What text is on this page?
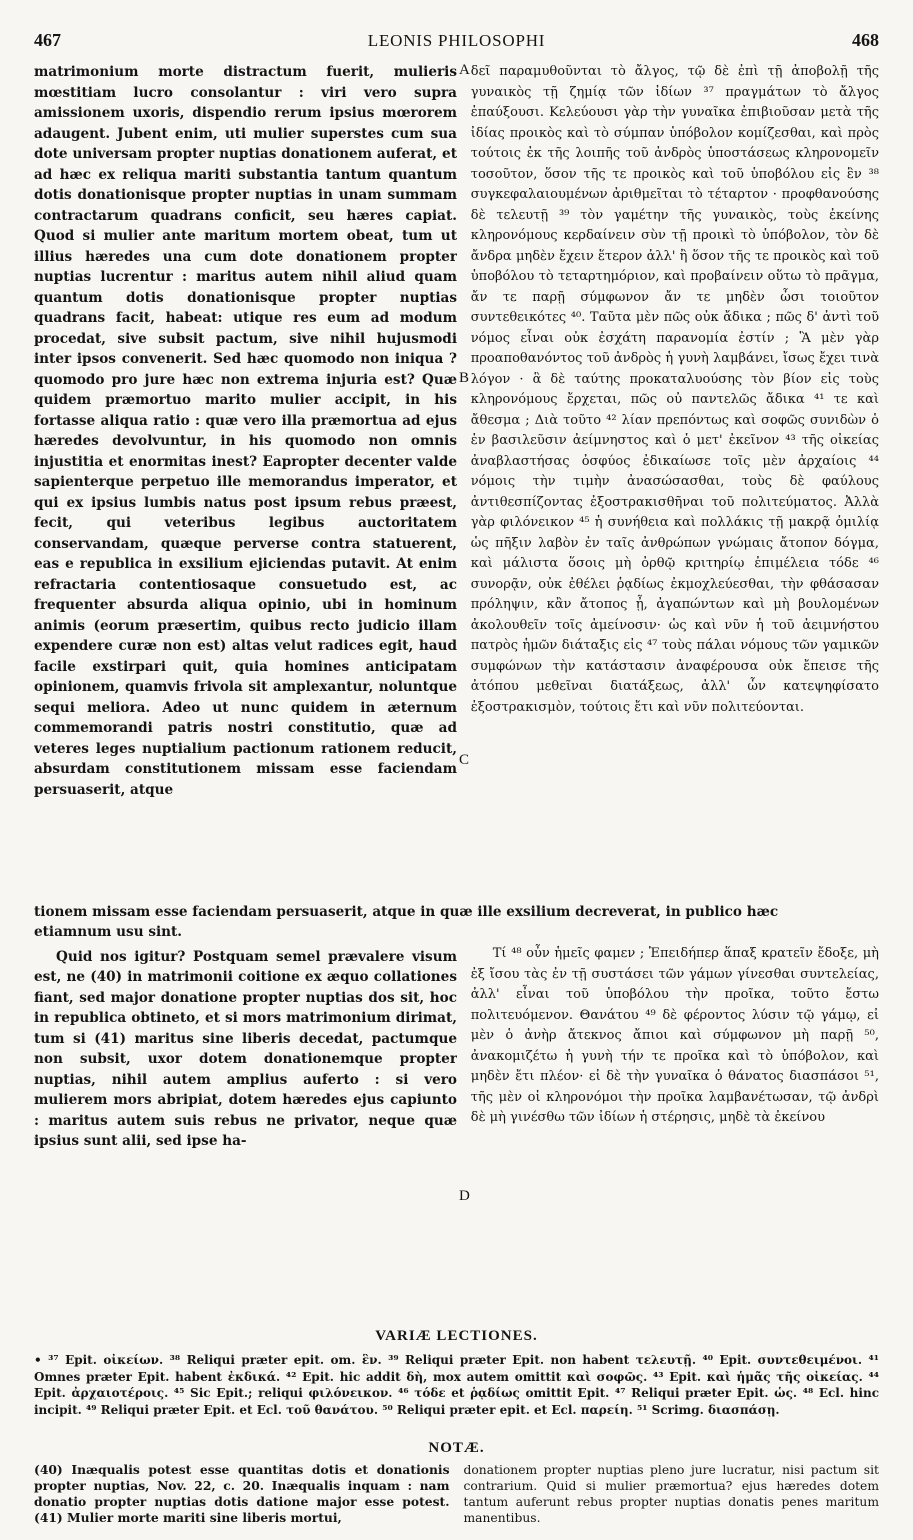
467	LEONIS PHILOSOPHI	468

matrimonium morte distractum fuerit, mulieris mœstitiam lucro consolantur : viri vero supra amissionem uxoris, dispendio rerum ipsius mœrorem adaugent. Jubent enim, uti mulier superstes cum sua dote universam propter nuptias donationem auferat, et ad hæc ex reliqua mariti substantia tantum quantum dotis donationisque propter nuptias in unam summam contractarum quadrans conficit, seu hæres capiat. Quod si mulier ante maritum mortem obeat, tum ut illius hæredes una cum dote donationem propter nuptias lucrentur : maritus autem nihil aliud quam quantum dotis donationisque propter nuptias quadrans facit, habeat: utique res eum ad modum procedat, sive subsit pactum, sive nihil hujusmodi inter ipsos convenerit. Sed hæc quomodo non iniqua ? quomodo pro jure hæc non extrema injuria est? Quæ quidem præmortuo marito mulier accipit, in his fortasse aliqua ratio : quæ vero illa præmortua ad ejus hæredes devolvuntur, in his quomodo non omnis injustitia et enormitas inest? Eapropter decenter valde sapienterque perpetuo ille memorandus imperator, et qui ex ipsius lumbis natus post ipsum rebus præest, fecit, qui veteribus legibus auctoritatem conservandam, quæque perverse contra statuerent, eas e republica in exsilium ejiciendas putavit. At enim refractaria contentiosaque consuetudo est, ac frequenter absurda aliqua opinio, ubi in hominum animis (eorum præsertim, quibus recto judicio illam expendere curæ non est) altas velut radices egit, haud facile exstirpari quit, quia homines anticipatam opinionem, quamvis frivola sit amplexantur, noluntque sequi meliora. Adeo ut nunc quidem in æternum commemorandi patris nostri constitutio, quæ ad veteres leges nuptialium pactionum rationem reducit, absurdam constitutionem missam esse faciendam persuaserit, atque

A
B
C

δεῖ παραμυθοῦνται τὸ ἄλγος, τῷ δὲ ἐπὶ τῇ ἀποβολῇ τῆς γυναικὸς τῇ ζημίᾳ τῶν ἰδίων ³⁷ πραγμάτων τὸ ἄλγος ἐπαύξουσι. Κελεύουσι γὰρ τὴν γυναῖκα ἐπιβιοῦσαν μετὰ τῆς ἰδίας προικὸς καὶ τὸ σύμπαν ὑπόβολον κομίζεσθαι, καὶ πρὸς τούτοις ἐκ τῆς λοιπῆς τοῦ ἀνδρὸς ὑποστάσεως κληρονομεῖν τοσοῦτον, ὅσον τῆς τε προικὸς καὶ τοῦ ὑποβόλου εἰς ἓν ³⁸ συγκεφαλαιουμένων ἀριθμεῖται τὸ τέταρτον · προφθανούσης δὲ τελευτῇ ³⁹ τὸν γαμέτην τῆς γυναικὸς, τοὺς ἐκείνης κληρονόμους κερδαίνειν σὺν τῇ προικὶ τὸ ὑπόβολον, τὸν δὲ ἄνδρα μηδὲν ἔχειν ἕτερον ἀλλ' ἢ ὅσον τῆς τε προικὸς καὶ τοῦ ὑποβόλου τὸ τεταρτημόριον, καὶ προβαίνειν οὕτω τὸ πρᾶγμα, ἄν τε παρῇ σύμφωνον ἄν τε μηδὲν ὦσι τοιοῦτον συντεθεικότες ⁴⁰. Ταῦτα μὲν πῶς οὐκ ἄδικα ; πῶς δ' ἀντὶ τοῦ νόμος εἶναι οὐκ ἐσχάτη παρανομία ἐστίν ; Ἃ μὲν γὰρ προαποθανόντος τοῦ ἀνδρὸς ἡ γυνὴ λαμβάνει, ἴσως ἔχει τινὰ λόγον · ἃ δὲ ταύτης προκαταλυούσης τὸν βίον εἰς τοὺς κληρονόμους ἔρχεται, πῶς οὐ παντελῶς ἄδικα ⁴¹ τε καὶ ἄθεσμα ; Διὰ τοῦτο ⁴² λίαν πρεπόντως καὶ σοφῶς συνιδὼν ὁ ἐν βασιλεῦσιν ἀείμνηστος καὶ ὁ μετ' ἐκεῖνον ⁴³ τῆς οἰκείας ἀναβλαστήσας ὀσφύος ἐδικαίωσε τοῖς μὲν ἀρχαίοις ⁴⁴ νόμοις τὴν τιμὴν ἀνασώσασθαι, τοὺς δὲ φαύλους ἀντιθεσπίζοντας ἐξοστρακισθῆναι τοῦ πολιτεύματος. Ἀλλὰ γὰρ φιλόνεικον ⁴⁵ ἡ συνήθεια καὶ πολλάκις τῇ μακρᾷ ὁμιλίᾳ ὡς πῆξιν λαβὸν ἐν ταῖς ἀνθρώπων γνώμαις ἄτοπον δόγμα, καὶ μάλιστα ὅσοις μὴ ὀρθῷ κριτηρίῳ ἐπιμέλεια τόδε ⁴⁶ συνορᾷν, οὐκ ἐθέλει ῥᾳδίως ἐκμοχλεύεσθαι, τὴν φθάσασαν πρόληψιν, κἂν ἄτοπος ᾖ, ἀγαπώντων καὶ μὴ βουλομένων ἀκολουθεῖν τοῖς ἀμείνοσιν· ὡς καὶ νῦν ἡ τοῦ ἀειμνήστου πατρὸς ἡμῶν διάταξις εἰς ⁴⁷ τοὺς πάλαι νόμους τῶν γαμικῶν συμφώνων τὴν κατάστασιν ἀναφέρουσα οὐκ ἔπεισε τῆς ἀτόπου μεθεῖναι διατάξεως, ἀλλ' ὧν κατεψηφίσατο ἐξοστρακισμὸν, τούτοις ἔτι καὶ νῦν πολιτεύονται.

tionem missam esse faciendam persuaserit, atque in quæ ille exsilium decreverat, in publico hæc

etiamnum usu sint.

Quid nos igitur? Postquam semel prævalere visum est, ne (40) in matrimonii coitione ex æquo collationes fiant, sed major donatione propter nuptias dos sit, hoc in republica obtineto, et si mors matrimonium dirimat, tum si (41) maritus sine liberis decedat, pactumque non subsit, uxor dotem donationemque propter nuptias, nihil autem amplius auferto : si vero mulierem mors abripiat, dotem hæredes ejus capiunto : maritus autem suis rebus ne privator, neque quæ ipsius sunt alii, sed ipse ha-

D

Τί ⁴⁸ οὖν ἡμεῖς φαμεν ; Ἐπειδήπερ ἅπαξ κρατεῖν ἔδοξε, μὴ ἐξ ἴσου τὰς ἐν τῇ συστάσει τῶν γάμων γίνεσθαι συντελείας, ἀλλ' εἶναι τοῦ ὑποβόλου τὴν προῖκα, τοῦτο ἔστω πολιτευόμενον. Θανάτου ⁴⁹ δὲ φέροντος λύσιν τῷ γάμῳ, εἰ μὲν ὁ ἀνὴρ ἄτεκνος ἄπιοι καὶ σύμφωνον μὴ παρῇ ⁵⁰, ἀνακομιζέτω ἡ γυνὴ τήν τε προῖκα καὶ τὸ ὑπόβολον, καὶ μηδὲν ἔτι πλέον· εἰ δὲ τὴν γυναῖκα ὁ θάνατος διασπάσοι ⁵¹, τῆς μὲν οἱ κληρονόμοι τὴν προῖκα λαμβανέτωσαν, τῷ ἀνδρὶ δὲ μὴ γινέσθω τῶν ἰδίων ἡ στέρησις, μηδὲ τὰ ἐκείνου

VARIÆ LECTIONES.
• ³⁷ Epit. οἰκείων. ³⁸ Reliqui præter epit. om. ἓν. ³⁹ Reliqui præter Epit. non habent τελευτῇ. ⁴⁰ Epit. συντεθειμένοι. ⁴¹ Omnes præter Epit. habent ἐκδικά. ⁴² Epit. hic addit δὴ, mox autem omittit καὶ σοφῶς. ⁴³ Epit. καὶ ἡμᾶς τῆς οἰκείας. ⁴⁴ Epit. ἀρχαιοτέροις. ⁴⁵ Sic Epit.; reliqui φιλόνεικον. ⁴⁶ τόδε et ῥᾳδίως omittit Epit. ⁴⁷ Reliqui præter Epit. ὡς. ⁴⁸ Ecl. hinc incipit. ⁴⁹ Reliqui præter Epit. et Ecl. τοῦ θανάτου. ⁵⁰ Reliqui præter epit. et Ecl. παρείη. ⁵¹ Scrimg. διασπάσῃ.
NOTÆ.
(40) Inæqualis potest esse quantitas dotis et donationis propter nuptias, Nov. 22, c. 20. Inæqualis inquam : nam donatio propter nuptias dotis datione major esse potest. (41) Mulier morte mariti sine liberis mortui,
donationem propter nuptias pleno jure lucratur, nisi pactum sit contrarium. Quid si mulier præmortua? ejus hæredes dotem tantum auferunt rebus propter nuptias donatis penes maritum manentibus.
